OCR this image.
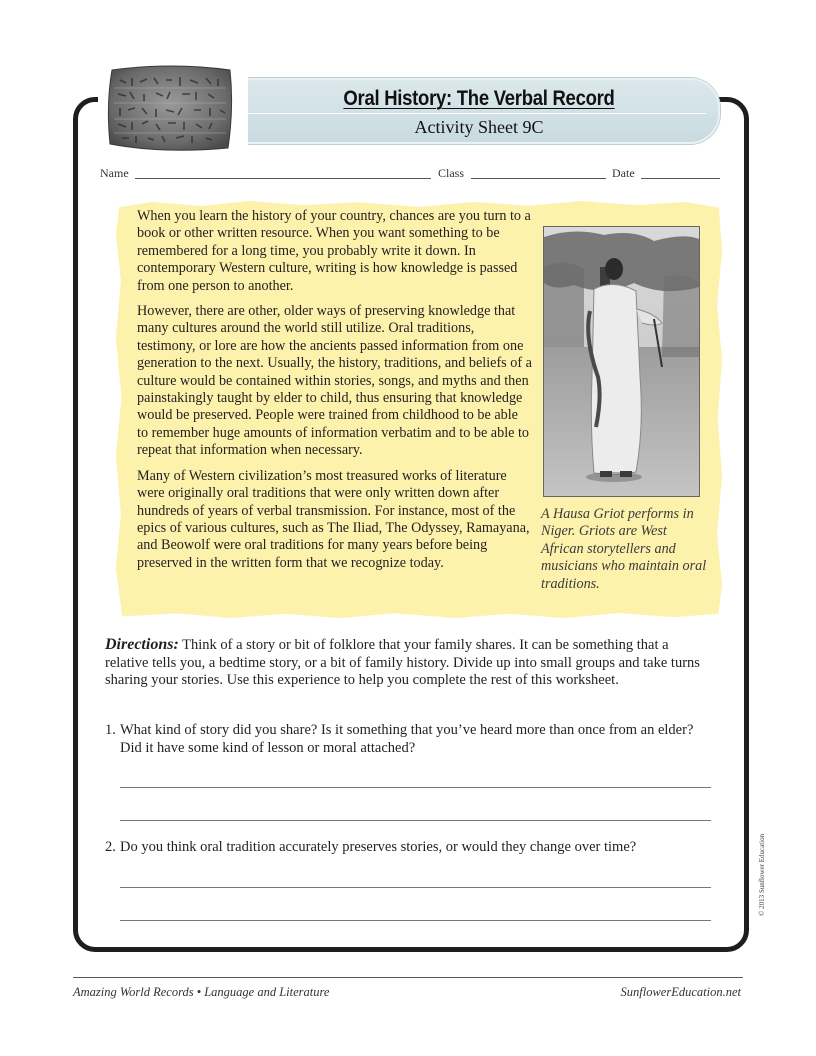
Oral History: The Verbal Record
Activity Sheet 9C
Name	Class	Date

When you learn the history of your country, chances are you turn to a book or other written resource. When you want something to be remembered for a long time, you probably write it down. In contemporary Western culture, writing is how knowledge is passed from one person to another.

However, there are other, older ways of preserving knowledge that many cultures around the world still utilize. Oral traditions, testimony, or lore are how the ancients passed information from one generation to the next. Usually, the history, traditions, and beliefs of a culture would be contained within stories, songs, and myths and then painstakingly taught by elder to child, thus ensuring that knowledge would be preserved. People were trained from childhood to be able to remember huge amounts of information verbatim and to be able to repeat that information when necessary.

Many of Western civilization’s most treasured works of literature were originally oral traditions that were only written down after hundreds of years of verbal transmission. For instance, most of the epics of various cultures, such as The Iliad, The Odyssey, Ramayana, and Beowolf were oral traditions for many years before being preserved in the written form that we recognize today.

A Hausa Griot performs in Niger. Griots are West African storytellers and musicians who maintain oral traditions.
Directions: Think of a story or bit of folklore that your family shares. It can be something that a relative tells you, a bedtime story, or a bit of family history. Divide up into small groups and take turns sharing your stories. Use this experience to help you complete the rest of this worksheet.
1. What kind of story did you share? Is it something that you’ve heard more than once from an elder? Did it have some kind of lesson or moral attached?
2. Do you think oral tradition accurately preserves stories, or would they change over time?	© 2013 Sunflower Education
Amazing World Records • Language and Literature	SunflowerEducation.net
